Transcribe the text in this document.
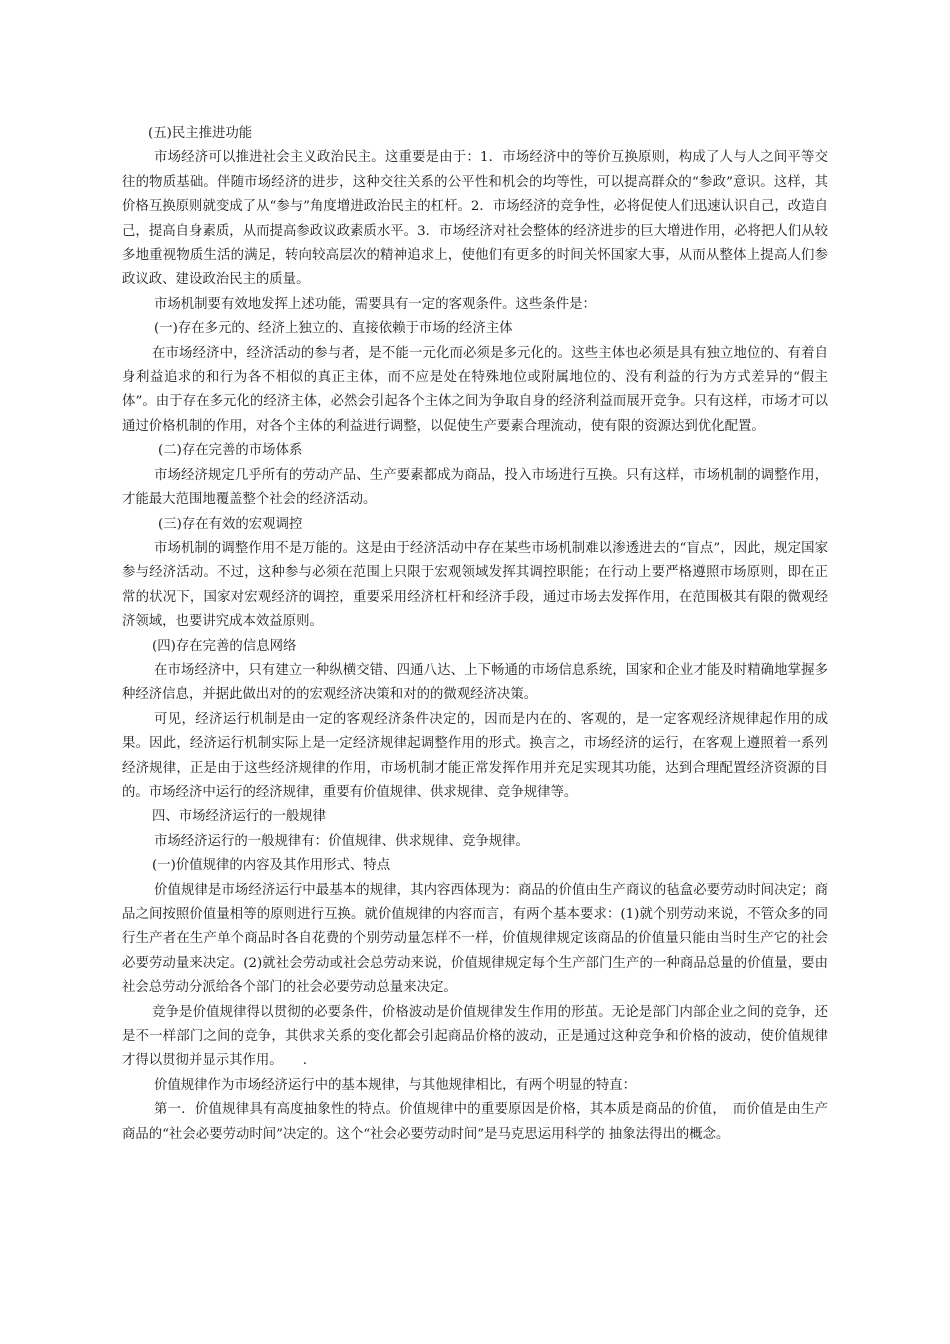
(五)民主推进功能

市场经济可以推进社会主义政治民主。这重要是由于：1．市场经济中的等价互换原则，构成了人与人之间平等交往的物质基础。伴随市场经济的进步，这种交往关系的公平性和机会的均等性，可以提高群众的“参政”意识。这样，其价格互换原则就变成了从“参与”角度增进政治民主的杠杆。2．市场经济的竞争性，必将促使人们迅速认识自己，改造自己，提高自身素质，从而提高参政议政素质水平。3．市场经济对社会整体的经济进步的巨大增进作用，必将把人们从较多地重视物质生活的满足，转向较高层次的精神追求上，使他们有更多的时间关怀国家大事，从而从整体上提高人们参政议政、建设政治民主的质量。

市场机制要有效地发挥上述功能，需要具有一定的客观条件。这些条件是：

(一)存在多元的、经济上独立的、直接依赖于市场的经济主体

在市场经济中，经济活动的参与者，是不能一元化而必须是多元化的。这些主体也必须是具有独立地位的、有着自身利益追求的和行为各不相似的真正主体，而不应是处在特殊地位或附属地位的、没有利益的行为方式差异的“假主体”。由于存在多元化的经济主体，必然会引起各个主体之间为争取自身的经济利益而展开竞争。只有这样，市场才可以通过价格机制的作用，对各个主体的利益进行调整，以促使生产要素合理流动，使有限的资源达到优化配置。

(二)存在完善的市场体系

市场经济规定几乎所有的劳动产品、生产要素都成为商品，投入市场进行互换。只有这样，市场机制的调整作用，才能最大范围地覆盖整个社会的经济活动。

(三)存在有效的宏观调控

市场机制的调整作用不是万能的。这是由于经济活动中存在某些市场机制难以渗透进去的“盲点”，因此，规定国家参与经济活动。不过，这种参与必须在范围上只限于宏观领域发挥其调控职能；在行动上要严格遵照市场原则，即在正常的状况下，国家对宏观经济的调控，重要采用经济杠杆和经济手段，通过市场去发挥作用，在范围极其有限的微观经济领域，也要讲究成本效益原则。

(四)存在完善的信息网络

在市场经济中，只有建立一种纵横交错、四通八达、上下畅通的市场信息系统，国家和企业才能及时精确地掌握多种经济信息，并据此做出对的的宏观经济决策和对的的微观经济决策。

可见，经济运行机制是由一定的客观经济条件决定的，因而是内在的、客观的，是一定客观经济规律起作用的成果。因此，经济运行机制实际上是一定经济规律起调整作用的形式。换言之，市场经济的运行，在客观上遵照着一系列经济规律，正是由于这些经济规律的作用，市场机制才能正常发挥作用并充足实现其功能，达到合理配置经济资源的目的。市场经济中运行的经济规律，重要有价值规律、供求规律、竞争规律等。

四、市场经济运行的一般规律

市场经济运行的一般规律有：价值规律、供求规律、竞争规律。

(一)价值规律的内容及其作用形式、特点

价值规律是市场经济运行中最基本的规律，其内容西体现为：商品的价值由生产商议的毡盒必要劳动时间决定；商品之间按照价值量相等的原则进行互换。就价值规律的内容而言，有两个基本要求：(1)就个别劳动来说，不管众多的同行生产者在生产单个商品时各自花费的个别劳动量怎样不一样，价值规律规定该商品的价值量只能由当时生产它的社会必要劳动量来决定。(2)就社会劳动或社会总劳动来说，价值规律规定每个生产部门生产的一种商品总量的价值量，要由社会总劳动分派给各个部门的社会必要劳动总量来决定。

竞争是价值规律得以贯彻的必要条件，价格波动是价值规律发生作用的形茧。无论是部门内部企业之间的竞争，还是不一样部门之间的竞争，其供求关系的变化都会引起商品价格的波动，正是通过这种竞争和价格的波动，使价值规律才得以贯彻并显示其作用。　　.

价值规律作为市场经济运行中的基本规律，与其他规律相比，有两个明显的特直：

第一．价值规律具有高度抽象性的特点。价值规律中的重要原因是价格，其本质是商品的价值，　而价值是由生产商品的“社会必要劳动时间”决定的。这个“社会必要劳动时间”是马克思运用科学的 抽象法得出的概念。
